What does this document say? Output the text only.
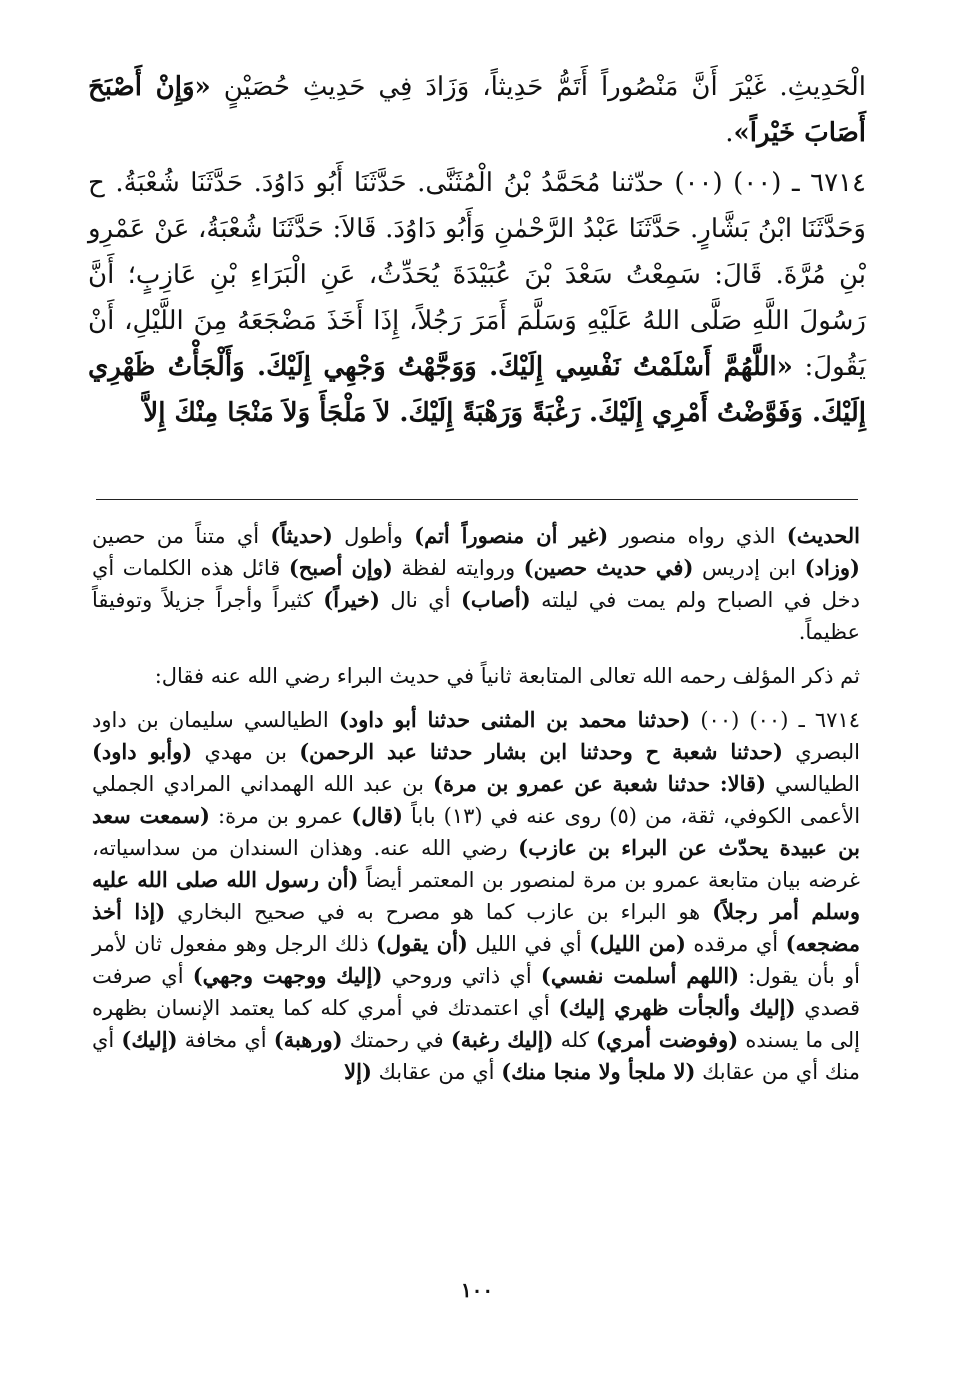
الْحَدِيثِ. غَيْرَ أَنَّ مَنْصُوراً أَتَمُّ حَدِيثاً، وَزَادَ فِي حَدِيثِ حُصَيْنٍ «وَإِنْ أَصْبَحَ أَصَابَ خَيْراً».

٦٧١٤ ـ (٠٠) (٠٠) حدّثنا مُحَمَّدُ بْنُ الْمُثَنَّى. حَدَّثَنَا أَبُو دَاوُدَ. حَدَّثَنَا شُعْبَةُ. ح وَحَدَّثَنَا ابْنُ بَشَّارٍ. حَدَّثَنَا عَبْدُ الرَّحْمٰنِ وَأَبُو دَاوُدَ. قَالاَ: حَدَّثَنَا شُعْبَةُ، عَنْ عَمْرِو بْنِ مُرَّةَ. قَالَ: سَمِعْتُ سَعْدَ بْنَ عُبَيْدَةَ يُحَدِّثُ، عَنِ الْبَرَاءِ بْنِ عَازِبٍ؛ أَنَّ رَسُولَ اللَّهِ صَلَّى اللهُ عَلَيْهِ وَسَلَّمَ أَمَرَ رَجُلاً، إِذَا أَخَذَ مَضْجَعَهُ مِنَ اللَّيْلِ، أَنْ يَقُولَ: «اللَّهُمَّ أَسْلَمْتُ نَفْسِي إِلَيْكَ. وَوَجَّهْتُ وَجْهِي إِلَيْكَ. وَأَلْجَأْتُ ظَهْرِي إِلَيْكَ. وَفَوَّضْتُ أَمْرِي إِلَيْكَ. رَغْبَةً وَرَهْبَةً إِلَيْكَ. لاَ مَلْجَأَ وَلاَ مَنْجَا مِنْكَ إِلاَّ

الحديث) الذي رواه منصور (غير أن منصوراً أتم) وأطول (حديثاً) أي متناً من حصين (وزاد) ابن إدريس (في حديث حصين) وروايته لفظة (وإن أصبح) قائل هذه الكلمات أي دخل في الصباح ولم يمت في ليلته (أصاب) أي نال (خيراً) كثيراً وأجراً جزيلاً وتوفيقاً عظيماً.

ثم ذكر المؤلف رحمه الله تعالى المتابعة ثانياً في حديث البراء رضي الله عنه فقال:

٦٧١٤ ـ (٠٠) (٠٠) (حدثنا محمد بن المثنى حدثنا أبو داود) الطيالسي سليمان بن داود البصري (حدثنا شعبة ح وحدثنا ابن بشار حدثنا عبد الرحمن) بن مهدي (وأبو داود) الطيالسي (قالا: حدثنا شعبة عن عمرو بن مرة) بن عبد الله الهمداني المرادي الجملي الأعمى الكوفي، ثقة، من (٥) روى عنه في (١٣) باباً (قال) عمرو بن مرة: (سمعت سعد بن عبيدة يحدّث عن البراء بن عازب) رضي الله عنه. وهذان السندان من سداسياته، غرضه بيان متابعة عمرو بن مرة لمنصور بن المعتمر أيضاً (أن رسول الله صلى الله عليه وسلم أمر رجلاً) هو البراء بن عازب كما هو مصرح به في صحيح البخاري (إذا أخذ مضجعه) أي مرقده (من الليل) أي في الليل (أن يقول) ذلك الرجل وهو مفعول ثان لأمر أو بأن يقول: (اللهم أسلمت نفسي) أي ذاتي وروحي (إليك ووجهت وجهي) أي صرفت قصدي (إليك وألجأت ظهري إليك) أي اعتمدتك في أمري كله كما يعتمد الإنسان بظهره إلى ما يسنده (وفوضت أمري) كله (إليك رغبة) في رحمتك (ورهبة) أي مخافة (إليك) أي منك أي من عقابك (لا ملجأ ولا منجا منك) أي من عقابك (إلا

١٠٠
